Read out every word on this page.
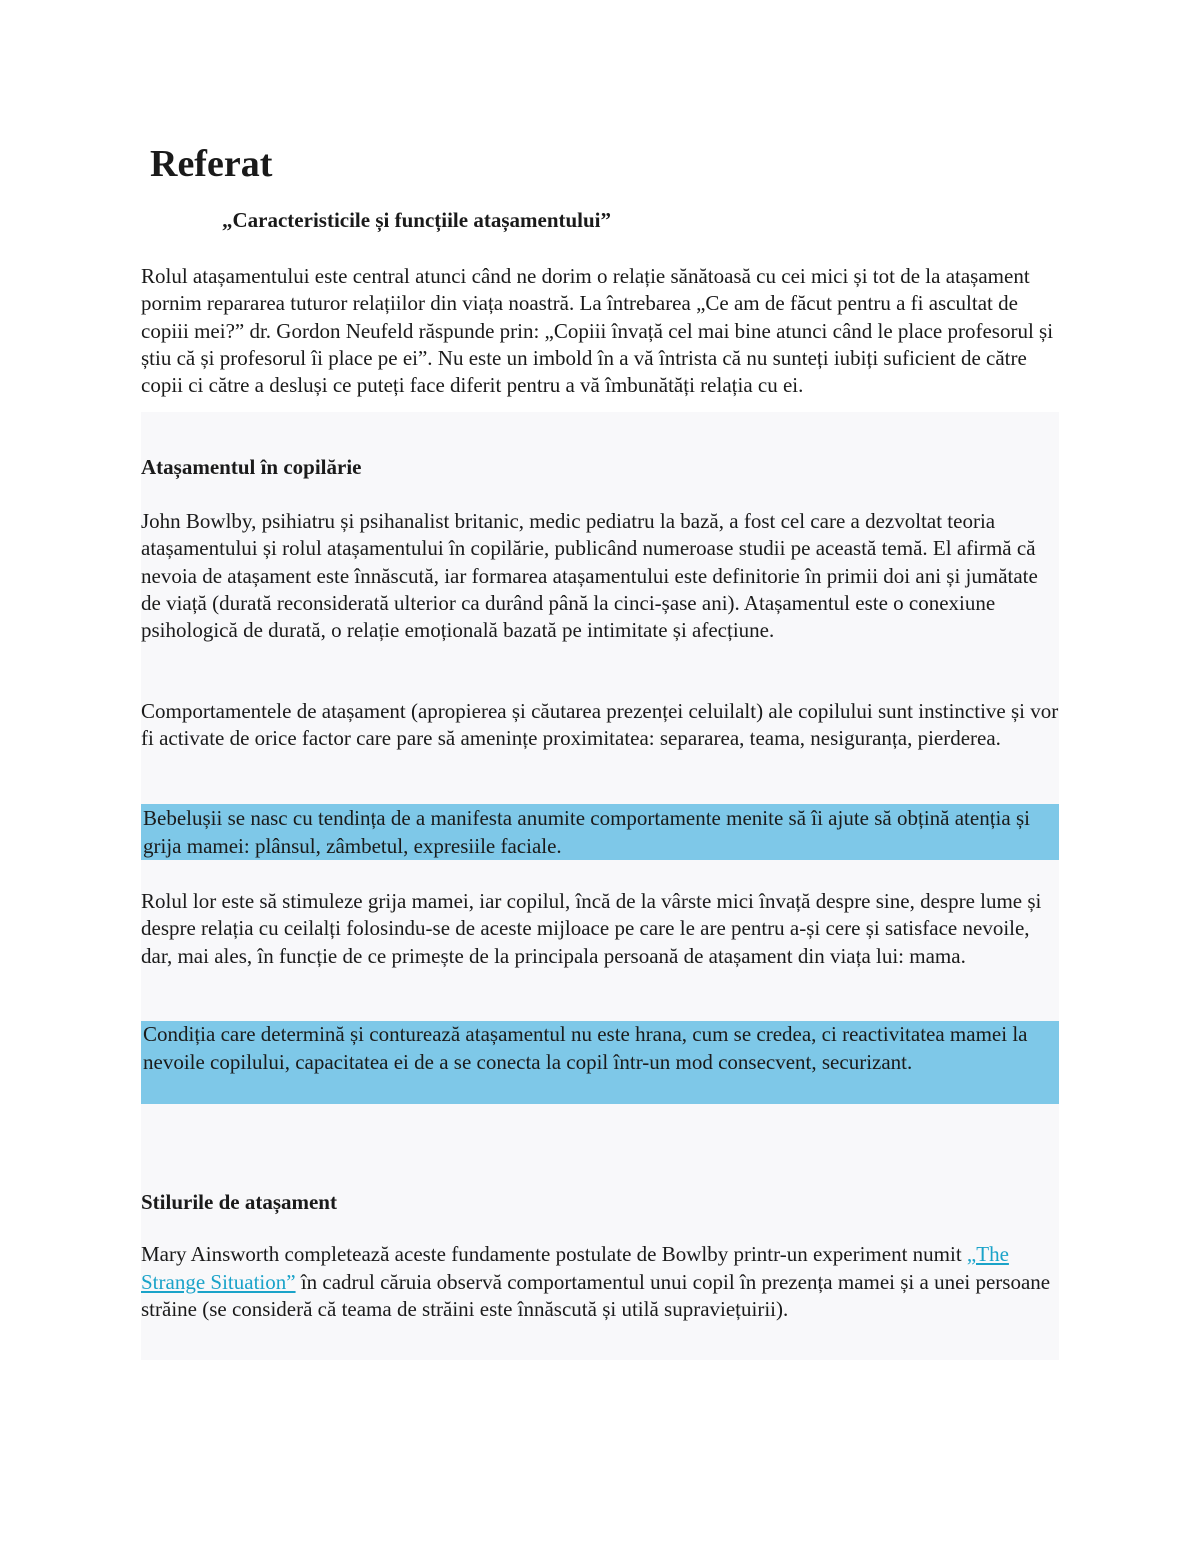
Referat

„Caracteristicile și funcțiile atașamentului”

Rolul atașamentului este central atunci când ne dorim o relație sănătoasă cu cei mici și tot de la atașament pornim repararea tuturor relațiilor din viața noastră. La întrebarea „Ce am de făcut pentru a fi ascultat de copiii mei?” dr. Gordon Neufeld răspunde prin: „Copiii învață cel mai bine atunci când le place profesorul și știu că și profesorul îi place pe ei”. Nu este un imbold în a vă întrista că nu sunteți iubiți suficient de către copii ci către a desluși ce puteți face diferit pentru a vă îmbunătăți relația cu ei.

Atașamentul în copilărie

John Bowlby, psihiatru și psihanalist britanic, medic pediatru la bază, a fost cel care a dezvoltat teoria atașamentului și rolul atașamentului în copilărie, publicând numeroase studii pe această temă. El afirmă că nevoia de atașament este înnăscută, iar formarea atașamentului este definitorie în primii doi ani și jumătate de viață (durată reconsiderată ulterior ca durând până la cinci-șase ani). Atașamentul este o conexiune psihologică de durată, o relație emoțională bazată pe intimitate și afecțiune.

Comportamentele de atașament (apropierea și căutarea prezenței celuilalt) ale copilului sunt instinctive și vor fi activate de orice factor care pare să amenințe proximitatea: separarea, teama, nesiguranța, pierderea.

Bebelușii se nasc cu tendința de a manifesta anumite comportamente menite să îi ajute să obțină atenția și grija mamei: plânsul, zâmbetul, expresiile faciale.

Rolul lor este să stimuleze grija mamei, iar copilul, încă de la vârste mici învață despre sine, despre lume și despre relația cu ceilalți folosindu-se de aceste mijloace pe care le are pentru a-și cere și satisface nevoile, dar, mai ales, în funcție de ce primește de la principala persoană de atașament din viața lui: mama.

Condiția care determină și conturează atașamentul nu este hrana, cum se credea, ci reactivitatea mamei la nevoile copilului, capacitatea ei de a se conecta la copil într-un mod consecvent, securizant.

Stilurile de atașament

Mary Ainsworth completează aceste fundamente postulate de Bowlby printr-un experiment numit „The Strange Situation” în cadrul căruia observă comportamentul unui copil în prezența mamei și a unei persoane străine (se consideră că teama de străini este înnăscută și utilă supraviețuirii).
